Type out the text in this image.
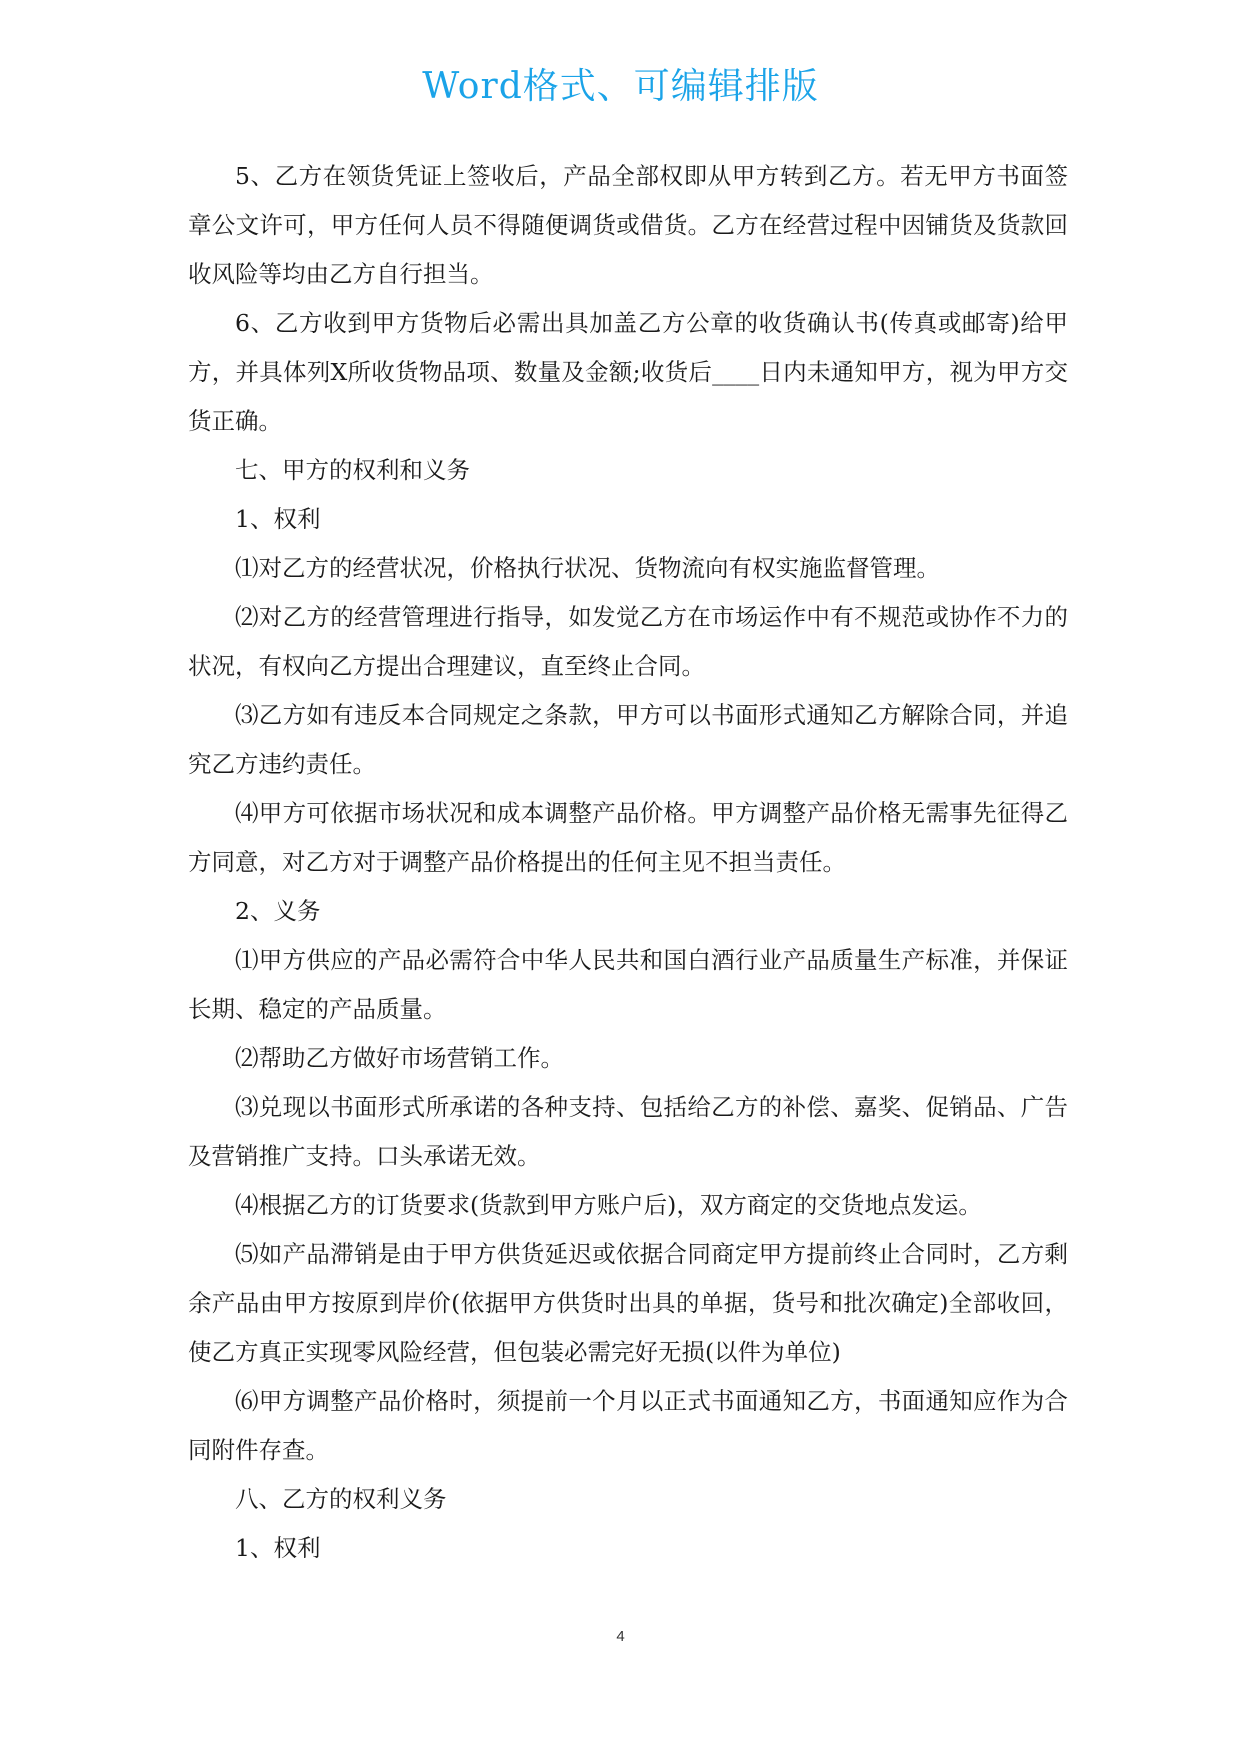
Word格式、可编辑排版

5、乙方在领货凭证上签收后，产品全部权即从甲方转到乙方。若无甲方书面签章公文许可，甲方任何人员不得随便调货或借货。乙方在经营过程中因铺货及货款回收风险等均由乙方自行担当。

6、乙方收到甲方货物后必需出具加盖乙方公章的收货确认书(传真或邮寄)给甲方，并具体列X所收货物品项、数量及金额;收货后____日内未通知甲方，视为甲方交货正确。

七、甲方的权利和义务

1、权利

⑴对乙方的经营状况，价格执行状况、货物流向有权实施监督管理。

⑵对乙方的经营管理进行指导，如发觉乙方在市场运作中有不规范或协作不力的状况，有权向乙方提出合理建议，直至终止合同。

⑶乙方如有违反本合同规定之条款，甲方可以书面形式通知乙方解除合同，并追究乙方违约责任。

⑷甲方可依据市场状况和成本调整产品价格。甲方调整产品价格无需事先征得乙方同意，对乙方对于调整产品价格提出的任何主见不担当责任。

2、义务

⑴甲方供应的产品必需符合中华人民共和国白酒行业产品质量生产标准，并保证长期、稳定的产品质量。

⑵帮助乙方做好市场营销工作。

⑶兑现以书面形式所承诺的各种支持、包括给乙方的补偿、嘉奖、促销品、广告及营销推广支持。口头承诺无效。

⑷根据乙方的订货要求(货款到甲方账户后)，双方商定的交货地点发运。

⑸如产品滞销是由于甲方供货延迟或依据合同商定甲方提前终止合同时，乙方剩余产品由甲方按原到岸价(依据甲方供货时出具的单据，货号和批次确定)全部收回，使乙方真正实现零风险经营，但包装必需完好无损(以件为单位)

⑹甲方调整产品价格时，须提前一个月以正式书面通知乙方，书面通知应作为合同附件存查。

八、乙方的权利义务

1、权利

4
